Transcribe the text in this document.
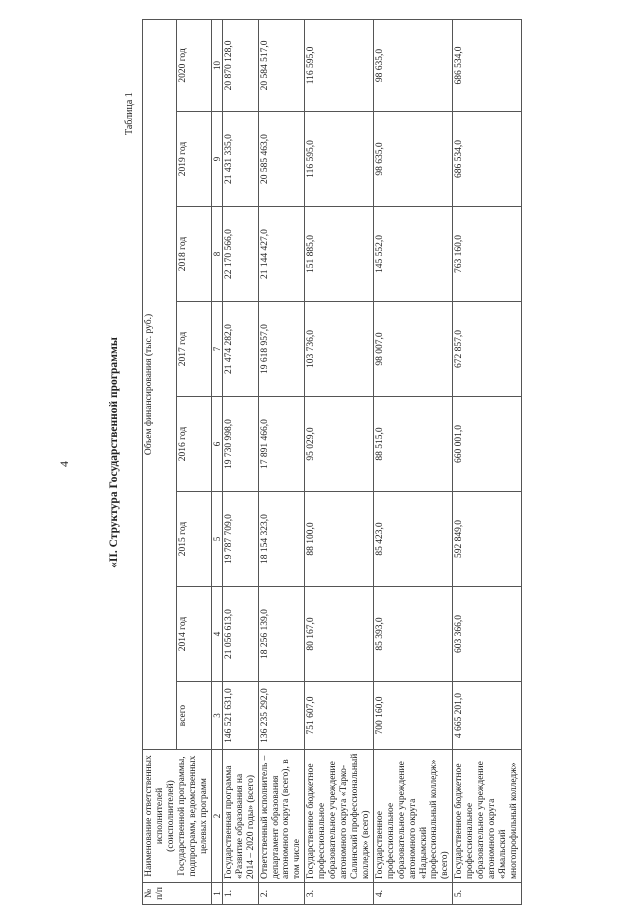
4	«II. Структура Государственной программы
Таблица 1
№ п/п	Наименование ответственных исполнителей (соисполнителей) Государственной программы, подпрограмм, ведомственных целевых программ	Объем финансирования (тыс. руб.)							
		всего	2014 год	2015 год	2016 год	2017 год	2018 год	2019 год	2020 год
1	2	3	4	5	6	7	8	9	10
1.	Государственная программа «Развитие образования на 2014 – 2020 годы» (всего)	146 521 631,0	21 056 613,0	19 787 709,0	19 730 998,0	21 474 282,0	22 170 566,0	21 431 335,0	20 870 128,0
2.	Ответственный исполнитель – департамент образования автономного округа (всего), в том числе	136 235 292,0	18 256 139,0	18 154 323,0	17 891 466,0	19 618 957,0	21 144 427,0	20 585 463,0	20 584 517,0
3.	Государственное бюджетное профессиональное образовательное учреждение автономного округа «Тарко-Салинский профессиональный колледж» (всего)	751 607,0	80 167,0	88 100,0	95 029,0	103 736,0	151 885,0	116 595,0	116 595,0
4.	Государственное профессиональное образовательное учреждение автономного округа «Надымский профессиональный колледж» (всего)	700 160,0	85 393,0	85 423,0	88 515,0	98 007,0	145 552,0	98 635,0	98 635,0
5.	Государственное бюджетное профессиональное образовательное учреждение автономного округа «Ямальский многопрофильный колледж»	4 665 201,0	603 366,0	592 849,0	660 001,0	672 857,0	763 160,0	686 534,0	686 534,0
